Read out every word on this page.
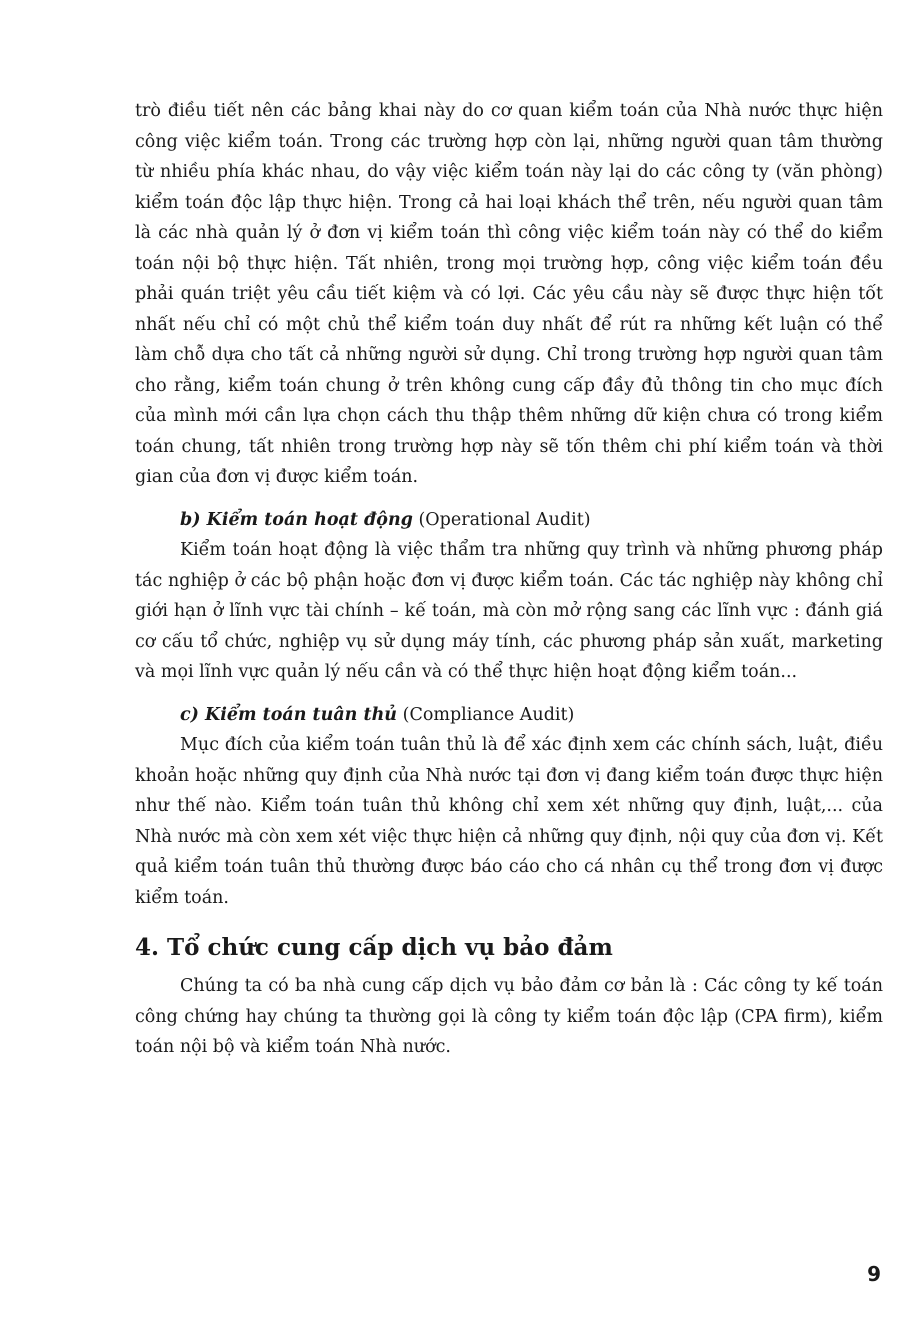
trò điều tiết nên các bảng khai này do cơ quan kiểm toán của Nhà nước thực hiện công việc kiểm toán. Trong các trường hợp còn lại, những người quan tâm thường từ nhiều phía khác nhau, do vậy việc kiểm toán này lại do các công ty (văn phòng) kiểm toán độc lập thực hiện. Trong cả hai loại khách thể trên, nếu người quan tâm là các nhà quản lý ở đơn vị kiểm toán thì công việc kiểm toán này có thể do kiểm toán nội bộ thực hiện. Tất nhiên, trong mọi trường hợp, công việc kiểm toán đều phải quán triệt yêu cầu tiết kiệm và có lợi. Các yêu cầu này sẽ được thực hiện tốt nhất nếu chỉ có một chủ thể kiểm toán duy nhất để rút ra những kết luận có thể làm chỗ dựa cho tất cả những người sử dụng. Chỉ trong trường hợp người quan tâm cho rằng, kiểm toán chung ở trên không cung cấp đầy đủ thông tin cho mục đích của mình mới cần lựa chọn cách thu thập thêm những dữ kiện chưa có trong kiểm toán chung, tất nhiên trong trường hợp này sẽ tốn thêm chi phí kiểm toán và thời gian của đơn vị được kiểm toán.

b) Kiểm toán hoạt động (Operational Audit)

Kiểm toán hoạt động là việc thẩm tra những quy trình và những phương pháp tác nghiệp ở các bộ phận hoặc đơn vị được kiểm toán. Các tác nghiệp này không chỉ giới hạn ở lĩnh vực tài chính – kế toán, mà còn mở rộng sang các lĩnh vực : đánh giá cơ cấu tổ chức, nghiệp vụ sử dụng máy tính, các phương pháp sản xuất, marketing và mọi lĩnh vực quản lý nếu cần và có thể thực hiện hoạt động kiểm toán...

c) Kiểm toán tuân thủ (Compliance Audit)

Mục đích của kiểm toán tuân thủ là để xác định xem các chính sách, luật, điều khoản hoặc những quy định của Nhà nước tại đơn vị đang kiểm toán được thực hiện như thế nào. Kiểm toán tuân thủ không chỉ xem xét những quy định, luật,... của Nhà nước mà còn xem xét việc thực hiện cả những quy định, nội quy của đơn vị. Kết quả kiểm toán tuân thủ thường được báo cáo cho cá nhân cụ thể trong đơn vị được kiểm toán.

4. Tổ chức cung cấp dịch vụ bảo đảm

Chúng ta có ba nhà cung cấp dịch vụ bảo đảm cơ bản là : Các công ty kế toán công chứng hay chúng ta thường gọi là công ty kiểm toán độc lập (CPA firm), kiểm toán nội bộ và kiểm toán Nhà nước.

9
